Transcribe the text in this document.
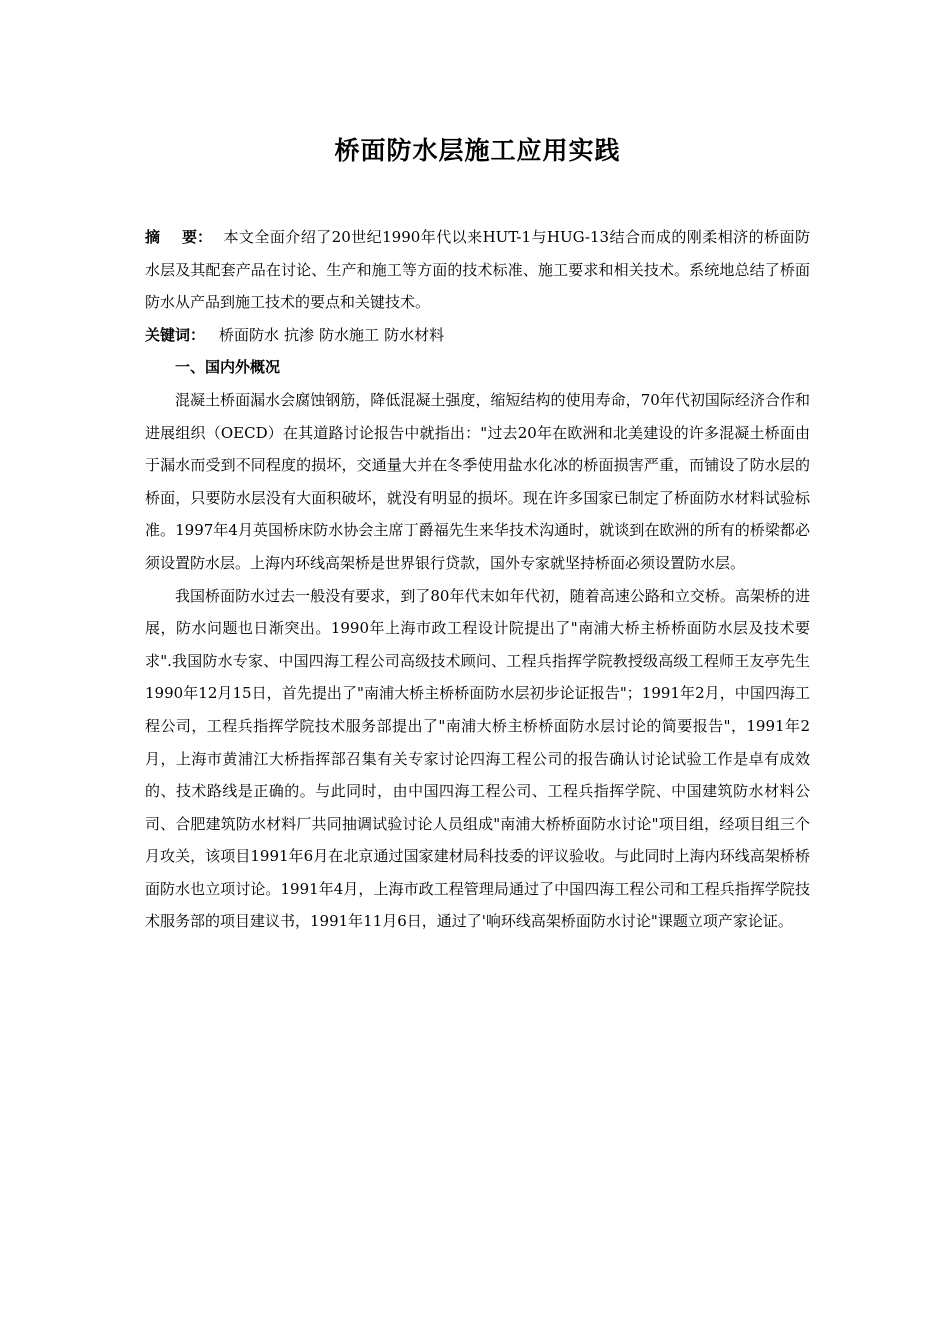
桥面防水层施工应用实践

摘 要： 本文全面介绍了20世纪1990年代以来HUT-1与HUG-13结合而成的刚柔相济的桥面防水层及其配套产品在讨论、生产和施工等方面的技术标准、施工要求和相关技术。系统地总结了桥面防水从产品到施工技术的要点和关键技术。

关键词： 桥面防水 抗渗 防水施工 防水材料

一、国内外概况

混凝土桥面漏水会腐蚀钢筋，降低混凝土强度，缩短结构的使用寿命，70年代初国际经济合作和进展组织（OECD）在其道路讨论报告中就指出："过去20年在欧洲和北美建设的许多混凝土桥面由于漏水而受到不同程度的损坏，交通量大并在冬季使用盐水化冰的桥面损害严重，而铺设了防水层的桥面，只要防水层没有大面积破坏，就没有明显的损坏。现在许多国家已制定了桥面防水材料试验标准。1997年4月英国桥床防水协会主席丁爵福先生来华技术沟通时，就谈到在欧洲的所有的桥梁都必须设置防水层。上海内环线高架桥是世界银行贷款，国外专家就坚持桥面必须设置防水层。

我国桥面防水过去一般没有要求，到了80年代末如年代初，随着高速公路和立交桥。高架桥的进展，防水问题也日渐突出。1990年上海市政工程设计院提出了"南浦大桥主桥桥面防水层及技术要求".我国防水专家、中国四海工程公司高级技术顾问、工程兵指挥学院教授级高级工程师王友亭先生1990年12月15日，首先提出了"南浦大桥主桥桥面防水层初步论证报告"；1991年2月，中国四海工程公司，工程兵指挥学院技术服务部提出了"南浦大桥主桥桥面防水层讨论的简要报告"，1991年2月，上海市黄浦江大桥指挥部召集有关专家讨论四海工程公司的报告确认讨论试验工作是卓有成效的、技术路线是正确的。与此同时，由中国四海工程公司、工程兵指挥学院、中国建筑防水材料公司、合肥建筑防水材料厂共同抽调试验讨论人员组成"南浦大桥桥面防水讨论"项目组，经项目组三个月攻关，该项目1991年6月在北京通过国家建材局科技委的评议验收。与此同时上海内环线高架桥桥面防水也立项讨论。1991年4月，上海市政工程管理局通过了中国四海工程公司和工程兵指挥学院技术服务部的项目建议书，1991年11月6日，通过了'响环线高架桥面防水讨论"课题立项产家论证。
